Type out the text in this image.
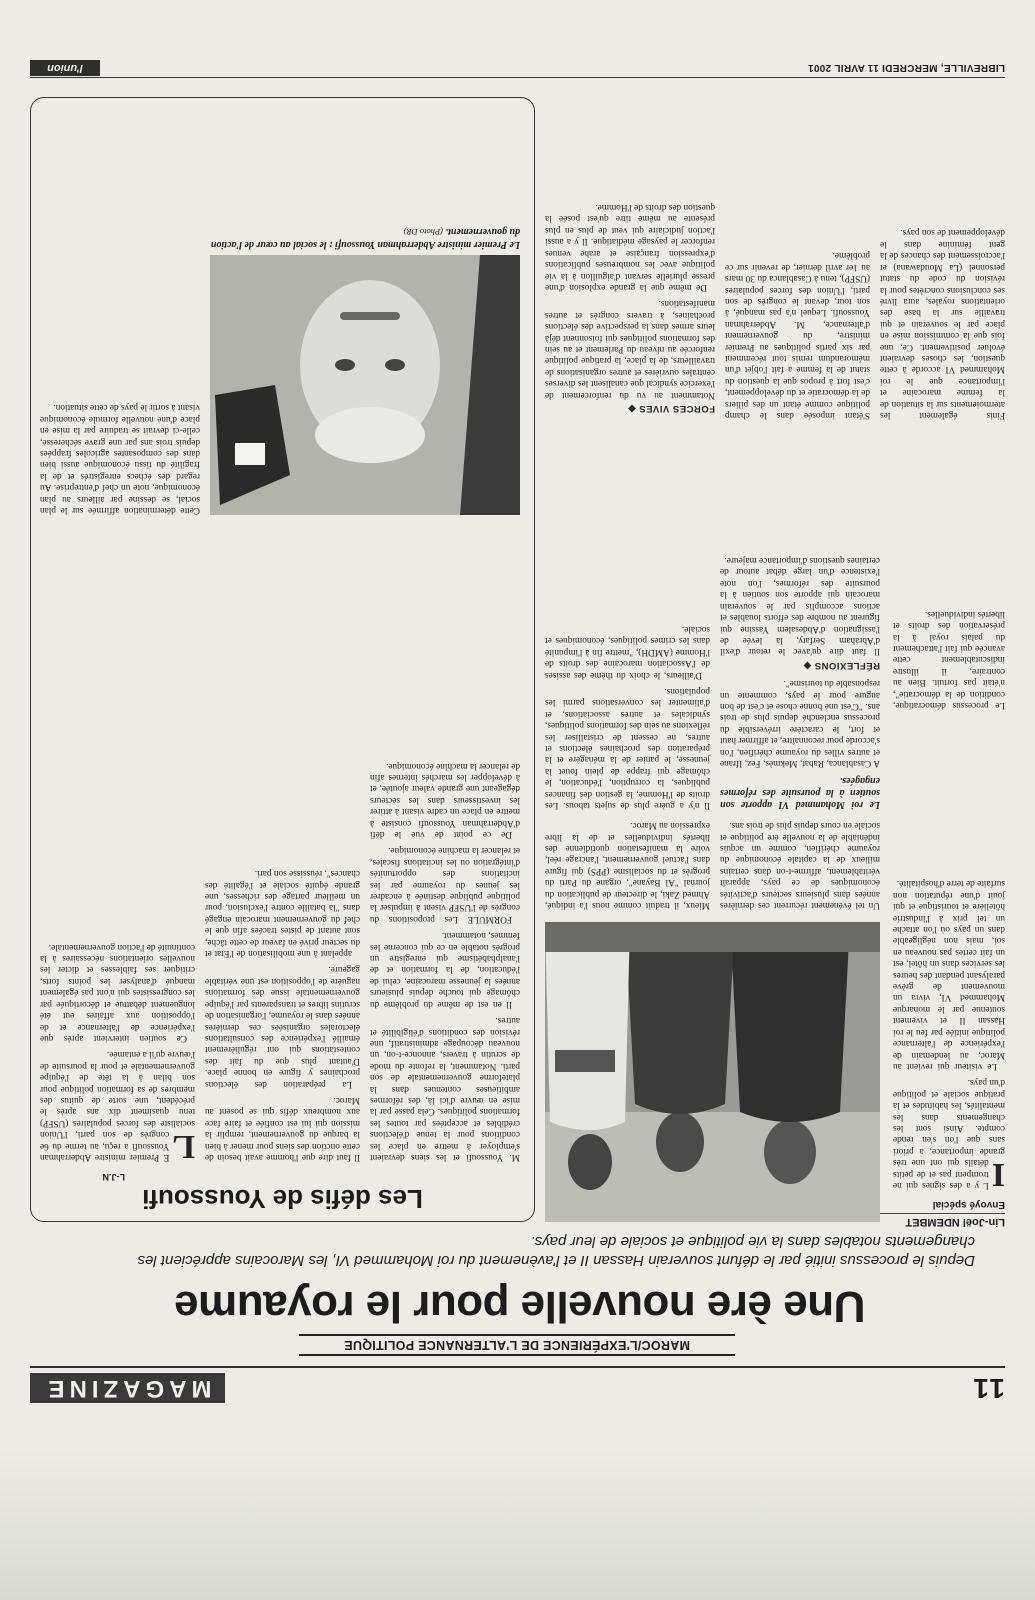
11
MAGAZINE
MAROC/L'EXPÉRIENCE DE L'ALTERNANCE POLITIQUE
Une ère nouvelle pour le royaume
Depuis le processus initié par le défunt souverain Hassan II et l'avènement du roi Mohammed VI, les Marocains apprécient les changements notables dans la vie politique et sociale de leur pays.
Lin-Joël NDEMBET
Envoyé spécial

I
L y a des signes qui ne trompent pas et de petits détails qui ont une très grande importance, a priori sans que l'on s'en rende compte. Ainsi sont les changements dans les mentalités, les habitudes et la pratique sociale et politique d'un pays.

Le visiteur qui revient au Maroc, au lendemain de l'expérience de l'alternance politique initiée par feu le roi Hassan II et vivement soutenue par le monarque Mohammed VI, vivra un mouvement de grève paralysant pendant des heures les services dans un hôtel, est un fait certes pas nouveau en soi, mais non négligeable dans un pays où l'on attache un tel prix à l'industrie hôtelière et touristique et qui jouit d'une réputation non surfaite de terre d'hospitalité.

Un tel événement récurrent ces dernières années dans plusieurs secteurs d'activités économiques de ce pays, apparaît véritablement, affirme-t-on dans certains milieux de la capitale économique du royaume chérifien, comme un acquis indéniable de la nouvelle ère politique et sociale en cours depuis plus de trois ans.

Mieux, il traduit comme nous l'a indiqué, Ahmed Zaki, le directeur de publication du journal "Al Bayane", organe du Parti du progrès et du socialisme (PPS) qui figure dans l'actuel gouvernement, l'ancrage réel, voire la manifestation quotidienne des libertés individuelles et de la libre expression au Maroc.

Le processus démocratique, condition de la démocratie", n'était pas fortuit. Bien au contraire, il illustre indiscutablement cette avancée qui fait l'attachement du palais royal à la préservation des droits et libertés individuelles.

Le roi Mohammed VI apporte son soutien à la poursuite des réformes engagées.

A Casablanca, Rabat, Mekmès, Fez, Ifrane et autres villes du royaume chérifien, l'on s'accorde pour reconnaître, et affirmer haut et fort, le caractère irréversible du processus enclenché depuis plus de trois ans. "C'est une bonne chose et c'est de bon augure pour le pays, commente un responsable du tourisme".

RÉFLEXIONS ◆

Il faut dire qu'avec le retour d'exil d'Abraham Serfaty, la levée de l'assignation d'Abdesalem Yassine qui figurent au nombre des efforts louables et actions accomplis par le souverain marocain qui apporte son soutien à la poursuite des réformes, l'on note l'existence d'un large débat autour de certaines questions d'importance majeure.

Il n'y a guère plus de sujets tabous. Les droits de l'Homme, la gestion des finances publiques, la corruption, l'éducation, le chômage qui frappe de plein fouet la jeunesse, le panier de la ménagère et la préparation des prochaines élections et autres, ne cessent de cristalliser les réflexions au sein des formations politiques, syndicales et autres associations, et d'alimenter les conversations parmi les populations.

D'ailleurs, le choix du thème des assises de l'Association marocaine des droits de l'Homme (AMDH), "mettre fin à l'impunité dans les crimes politiques, économiques et sociale.

Finis également les atermoiements sur la situation de la femme marocaine et l'importance que le roi Mohammed VI accorde à cette question, les choses devraient évoluer positivement. Ce, une fois que la commission mise en place par le souverain et qui travaille sur la base des orientations royales, aura livré ses conclusions concrètes pour la révision du code du statut personnel (La Moudawana) et l'accroissement des chances de la gent féminine dans le développement de son pays.

S'étant imposée dans le champ politique comme étant un des piliers de la démocratie et du développement, c'est fort à propos que la question du statut de la femme a fait l'objet d'un mémorandum remis tout récemment par six partis politiques au Premier ministre, du gouvernement d'alternance, M. Abderrahman Youssoufi. Lequel n'a pas manqué, à son tour, devant le congrès de son parti, l'Union des forces populaires (USFP), tenu à Casablanca du 30 mars au 1er avril dernier, de revenir sur ce problème.

FORCES VIVES ◆

Notamment au vu du renforcement de l'exercice syndical que canalisent les diverses centrales ouvrières et autres organisations de travailleurs, de la place, la pratique politique renforcée au niveau du Parlement et au sein des formations politiques qui foisonnent déjà leurs armes dans la perspective des élections prochaines, à travers congrès et autres manifestations.

De même que la grande explosion d'une presse plurielle servant d'aiguillon à la vie politique avec les nombreuses publications d'expression française et arabe venues renforcer le paysage médiatique. Il y a aussi l'action judiciaire qui veut de plus en plus présente au même titre qu'est posée la question des droits de l'Homme.

Les défis de Youssoufi
L-J.N

M. Youssoufi et les siens devraient s'employer à mettre en place les conditions pour la tenue d'élections crédibles et acceptées par toutes les formations politiques. Cela passe par la mise en œuvre d'ici là, des réformes ambitieuses contenues dans la plateforme gouvernementale de son parti. Notamment, la refonte du mode de scrutin à travers, annonce-t-on, un nouveau découpage administratif, une révision des conditions d'éligibilité et autres.

Il en est de même du problème du chômage qui touche depuis plusieurs années la jeunesse marocaine, celui de l'éducation, de la formation et de l'analphabétisme qui enregistre un progrès notable en ce qui concerne les femmes, notamment.

FORMULE Les propositions du congrès de l'USFP visent à impulser la politique publique destinée à encadrer les jeunes du royaume par les incitations des opportunités d'intégration ou les incitations fiscales, et relancer la machine économique.

De ce point de vue le défi d'Abderrahman Youssoufi consiste à mettre en place un cadre visant à attirer les investisseurs dans les secteurs dégageant une grande valeur ajoutée, et à développer les marchés internes afin de relancer la machine économique.

Il faut dire que l'homme avait besoin de cette onction des siens pour mener à bien la barque du gouvernement, remplir la mission qui lui est confiée et faire face aux nombreux défis qui se posent au Maroc.

La préparation des élections prochaines y figure en bonne place. D'autant plus que du fait des contestations qui ont régulièrement émaillé l'expérience des consultations électorales organisées ces dernières années dans le royaume, l'organisation de scrutins libres et transparents par l'équipe gouvernementale issue des formations naguère de l'opposition est une véritable gageure.

appelant à une mobilisation de l'Etat et du secteur privé en faveur de cette tâche, sont autant de pistes tracées afin que le chef du gouvernement marocain engagé dans "la bataille contre l'exclusion, pour un meilleur partage des richesses, une grande équité sociale et l'égalité des chances", réussisse son pari.

L
E Premier ministre Abderrahman Youssoufi a reçu, au terme du 6e congrès de son parti, l'Union socialiste des forces populaires (USFP) tenu quasiment dix ans après le précédent, une sorte de quitus des membres de sa formation politique pour son bilan à la tête de l'équipe gouvernementale et pour la poursuite de l'œuvre qu'il a entamée.

Ce soutien intervient après que l'expérience de l'alternance et de l'opposition aux affaires eut été longuement débattue et décortiquée par les congressistes qui n'ont pas également manqué d'analyser les points forts, critiquer ses faiblesses et dicter les nouvelles orientations nécessaires à la continuité de l'action gouvernementale.

Le Premier ministre Abderrahman Youssoufi : le social au cœur de l'action du gouvernement. (Photo DR)

Cette détermination affirmée sur le plan social, se dessine par ailleurs au plan économique, note un chef d'entreprise. Au regard des échecs enregistrés et de la fragilité du tissu économique aussi bien dans des composantes agricoles frappées depuis trois ans par une grave sécheresse, celle-ci devrait se traduire par la mise en place d'une nouvelle formule économique visant à sortir le pays de cette situation.

LIBREVILLE, MERCREDI 11 AVRIL 2001
l'union
